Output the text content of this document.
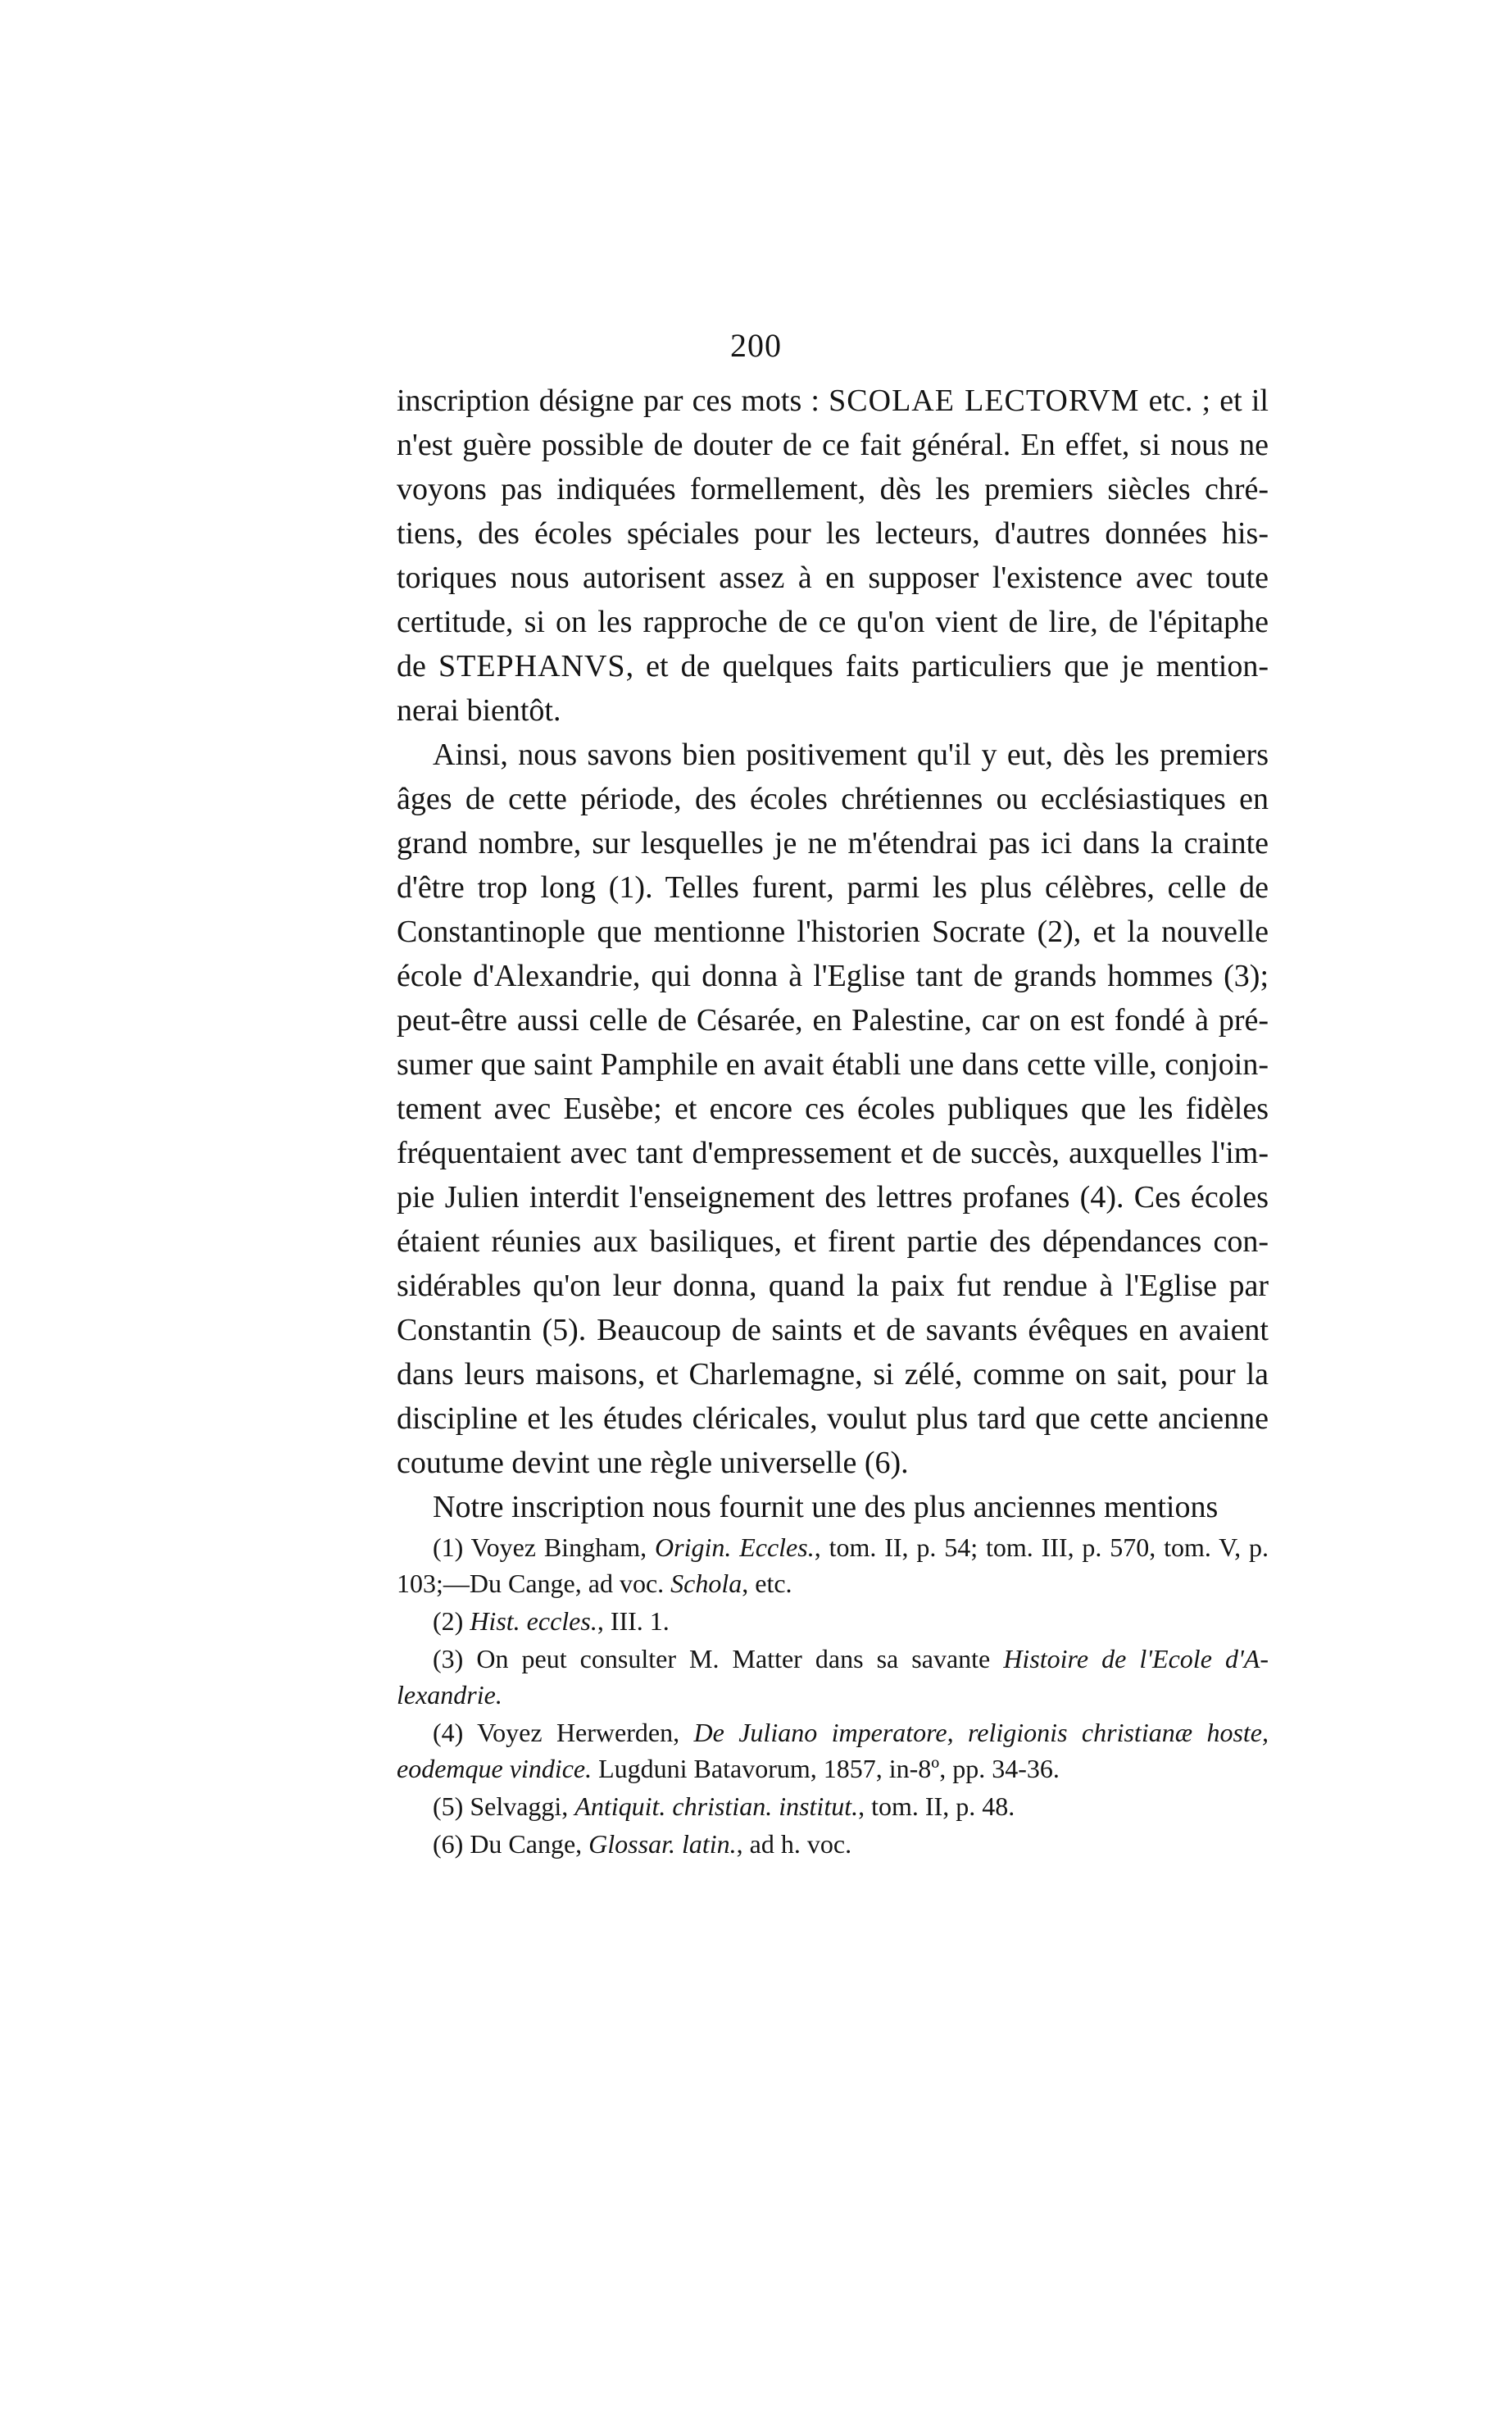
200

inscription désigne par ces mots : SCOLAE LECTORVM etc. ; et il n'est guère possible de douter de ce fait général. En effet, si nous ne voyons pas indiquées formellement, dès les premiers siècles chrétiens, des écoles spéciales pour les lecteurs, d'autres données historiques nous autorisent assez à en supposer l'existence avec toute certitude, si on les rapproche de ce qu'on vient de lire, de l'épitaphe de STEPHANVS, et de quelques faits particuliers que je mentionnerai bientôt.

Ainsi, nous savons bien positivement qu'il y eut, dès les premiers âges de cette période, des écoles chrétiennes ou ecclésiastiques en grand nombre, sur lesquelles je ne m'étendrai pas ici dans la crainte d'être trop long (1). Telles furent, parmi les plus célèbres, celle de Constantinople que mentionne l'historien Socrate (2), et la nouvelle école d'Alexandrie, qui donna à l'Eglise tant de grands hommes (3); peut-être aussi celle de Césarée, en Palestine, car on est fondé à présumer que saint Pamphile en avait établi une dans cette ville, conjointement avec Eusèbe; et encore ces écoles publiques que les fidèles fréquentaient avec tant d'empressement et de succès, auxquelles l'impie Julien interdit l'enseignement des lettres profanes (4). Ces écoles étaient réunies aux basiliques, et firent partie des dépendances considérables qu'on leur donna, quand la paix fut rendue à l'Eglise par Constantin (5). Beaucoup de saints et de savants évêques en avaient dans leurs maisons, et Charlemagne, si zélé, comme on sait, pour la discipline et les études cléricales, voulut plus tard que cette ancienne coutume devint une règle universelle (6).

Notre inscription nous fournit une des plus anciennes mentions

(1) Voyez Bingham, Origin. Eccles., tom. II, p. 54; tom. III, p. 570, tom. V, p. 103;—Du Cange, ad voc. Schola, etc.

(2) Hist. eccles., III. 1.

(3) On peut consulter M. Matter dans sa savante Histoire de l'Ecole d'Alexandrie.

(4) Voyez Herwerden, De Juliano imperatore, religionis christianæ hoste, eodemque vindice. Lugduni Batavorum, 1857, in-8º, pp. 34-36.

(5) Selvaggi, Antiquit. christian. institut., tom. II, p. 48.

(6) Du Cange, Glossar. latin., ad h. voc.
